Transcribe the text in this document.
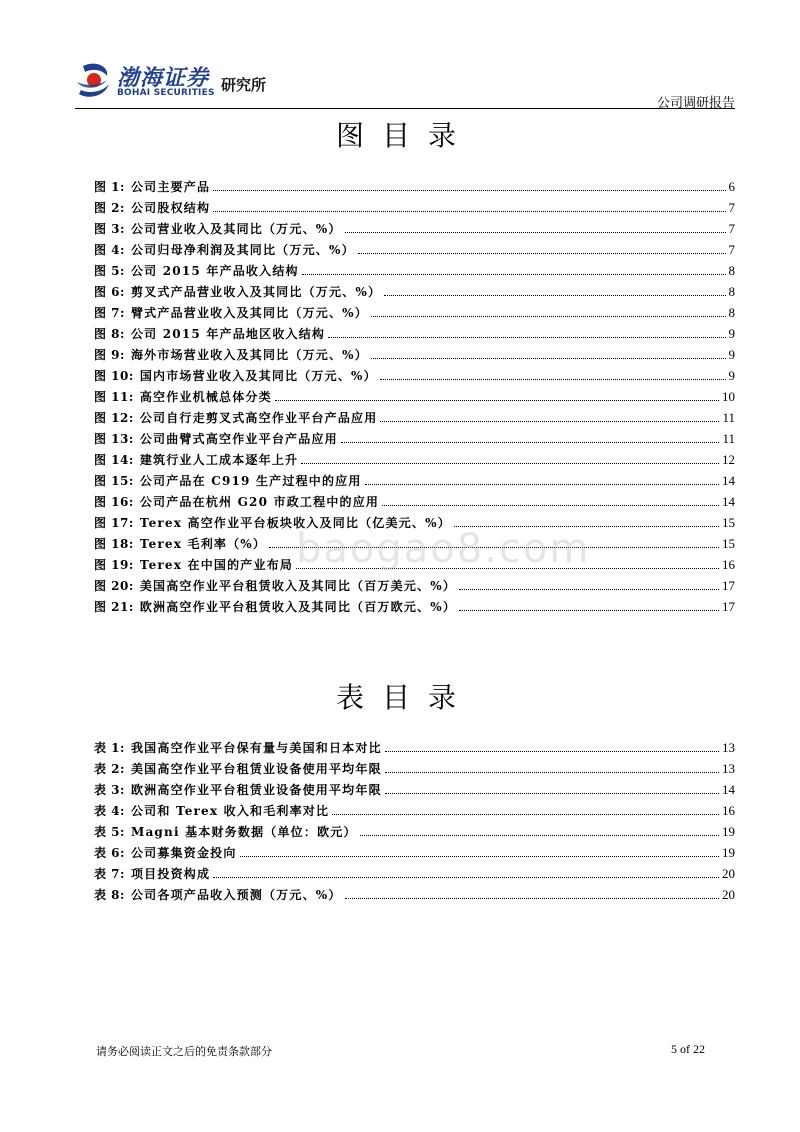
渤海证券
BOHAI SECURITIES 研究所
公司调研报告
图目录
图 1: 公司主要产品	6
图 2: 公司股权结构	7
图 3: 公司营业收入及其同比（万元、%）	7
图 4: 公司归母净利润及其同比（万元、%）	7
图 5: 公司 2015 年产品收入结构	8
图 6: 剪叉式产品营业收入及其同比（万元、%）	8
图 7: 臂式产品营业收入及其同比（万元、%）	8
图 8: 公司 2015 年产品地区收入结构	9
图 9: 海外市场营业收入及其同比（万元、%）	9
图 10: 国内市场营业收入及其同比（万元、%）	9
图 11: 高空作业机械总体分类	10
图 12: 公司自行走剪叉式高空作业平台产品应用	11
图 13: 公司曲臂式高空作业平台产品应用	11
图 14: 建筑行业人工成本逐年上升	12
图 15: 公司产品在 C919 生产过程中的应用	14
图 16: 公司产品在杭州 G20 市政工程中的应用	14
图 17: Terex 高空作业平台板块收入及同比（亿美元、%）	15
图 18: Terex 毛利率（%）	15
图 19: Terex 在中国的产业布局	16
图 20: 美国高空作业平台租赁收入及其同比（百万美元、%）	17
图 21: 欧洲高空作业平台租赁收入及其同比（百万欧元、%）	17
表目录
表 1: 我国高空作业平台保有量与美国和日本对比	13
表 2: 美国高空作业平台租赁业设备使用平均年限	13
表 3: 欧洲高空作业平台租赁业设备使用平均年限	14
表 4: 公司和 Terex 收入和毛利率对比	16
表 5: Magni 基本财务数据（单位：欧元）	19
表 6: 公司募集资金投向	19
表 7: 项目投资构成	20
表 8: 公司各项产品收入预测（万元、%）	20
baogao8.com
请务必阅读正文之后的免责条款部分	5 of 22
